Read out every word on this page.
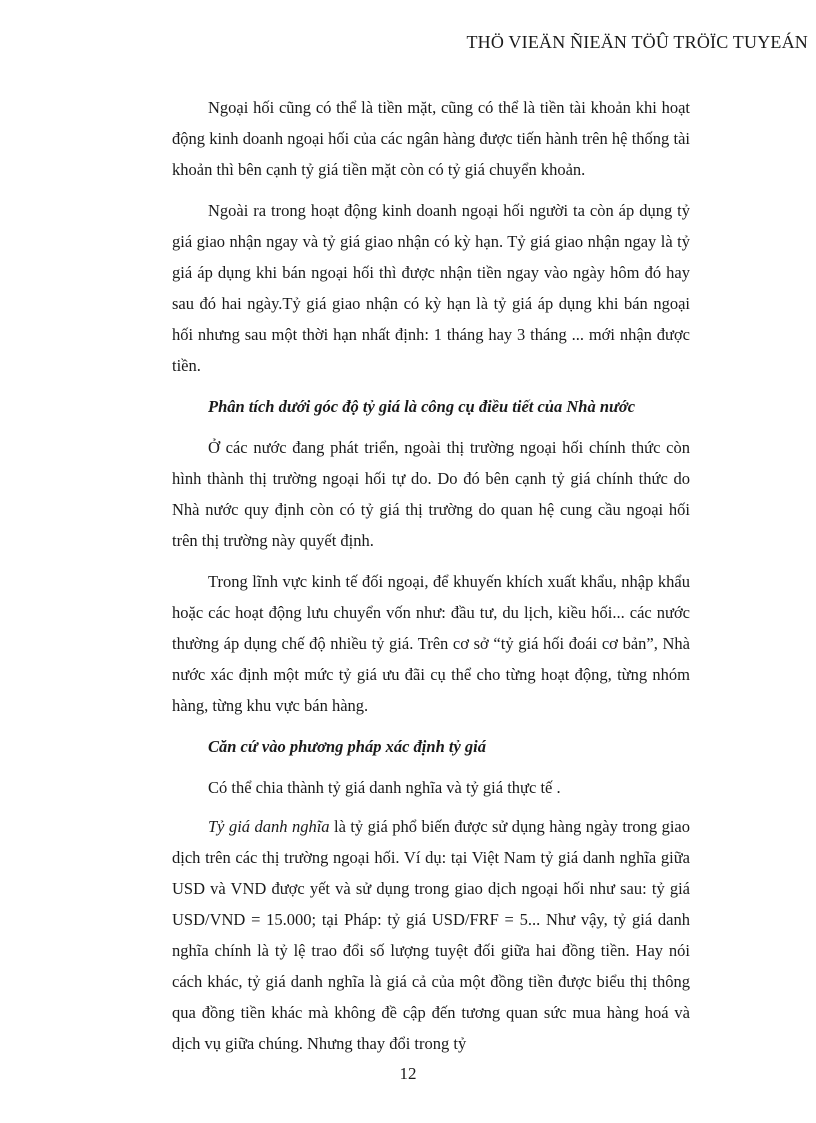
THÖ VIEÄN ÑIEÄN TÖÛ TRÖÏC TUYEÁN

Ngoại hối cũng có thể là tiền mặt, cũng có thể là tiền tài khoản khi hoạt động kinh doanh ngoại hối của các ngân hàng được tiến hành trên hệ thống tài khoản thì bên cạnh tỷ giá tiền mặt còn có tỷ giá chuyển khoản.

Ngoài ra trong hoạt động kinh doanh ngoại hối người ta còn áp dụng tỷ giá giao nhận ngay và tỷ giá giao nhận có kỳ hạn. Tỷ giá giao nhận ngay là tỷ giá áp dụng khi bán ngoại hối thì được nhận tiền ngay vào ngày hôm đó hay sau đó hai ngày.Tỷ giá giao nhận có kỳ hạn là tỷ giá áp dụng khi bán ngoại hối nhưng sau một thời hạn nhất định: 1 tháng hay 3 tháng ... mới nhận được tiền.

Phân tích dưới góc độ tỷ giá là công cụ điều tiết của Nhà nước

Ở các nước đang phát triển, ngoài thị trường ngoại hối chính thức còn hình thành thị trường ngoại hối tự do. Do đó bên cạnh tỷ giá chính thức do Nhà nước quy định còn có tỷ giá thị trường do quan hệ cung cầu ngoại hối trên thị trường này quyết định.

Trong lĩnh vực kinh tế đối ngoại, để khuyến khích xuất khẩu, nhập khẩu hoặc các hoạt động lưu chuyển vốn như: đầu tư, du lịch, kiều hối... các nước thường áp dụng chế độ nhiều tỷ giá. Trên cơ sở “tỷ giá hối đoái cơ bản”, Nhà nước xác định một mức tỷ giá ưu đãi cụ thể cho từng hoạt động, từng nhóm hàng, từng khu vực bán hàng.

Căn cứ vào phương pháp xác định tỷ giá

Có thể chia thành tỷ giá danh nghĩa và tỷ giá thực tế .

Tỷ giá danh nghĩa là tỷ giá phổ biến được sử dụng hàng ngày trong giao dịch trên các thị trường ngoại hối. Ví dụ: tại Việt Nam tỷ giá danh nghĩa giữa USD và VND được yết và sử dụng trong giao dịch ngoại hối như sau: tỷ giá USD/VND = 15.000; tại Pháp: tỷ giá USD/FRF = 5... Như vậy, tỷ giá danh nghĩa chính là tỷ lệ trao đổi số lượng tuyệt đối giữa hai đồng tiền. Hay nói cách khác, tỷ giá danh nghĩa là giá cả của một đồng tiền được biểu thị thông qua đồng tiền khác mà không đề cập đến tương quan sức mua hàng hoá và dịch vụ giữa chúng. Nhưng thay đổi trong tỷ

12
